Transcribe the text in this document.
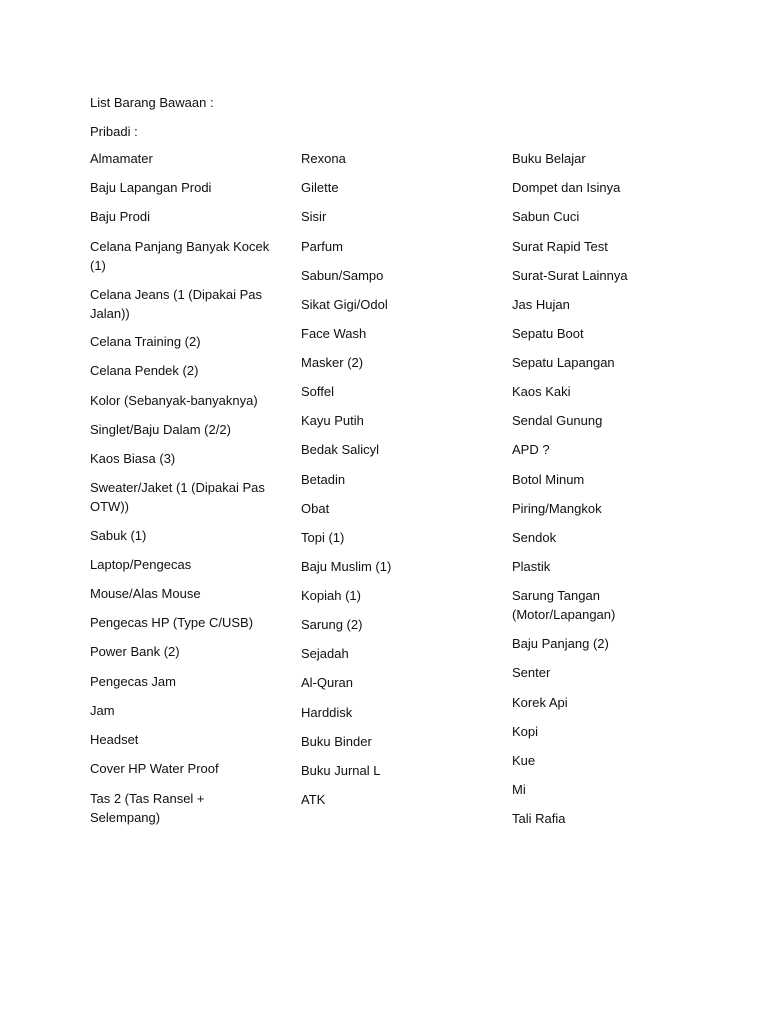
List Barang Bawaan :
Pribadi :
Almamater
Baju Lapangan Prodi
Baju Prodi
Celana Panjang Banyak Kocek (1)
Celana Jeans (1 (Dipakai Pas Jalan))
Celana Training (2)
Celana Pendek (2)
Kolor (Sebanyak-banyaknya)
Singlet/Baju Dalam (2/2)
Kaos Biasa (3)
Sweater/Jaket (1 (Dipakai Pas OTW))
Sabuk (1)
Laptop/Pengecas
Mouse/Alas Mouse
Pengecas HP (Type C/USB)
Power Bank (2)
Pengecas Jam
Jam
Headset
Cover HP Water Proof
Tas 2 (Tas Ransel + Selempang)
Rexona
Gilette
Sisir
Parfum
Sabun/Sampo
Sikat Gigi/Odol
Face Wash
Masker (2)
Soffel
Kayu Putih
Bedak Salicyl
Betadin
Obat
Topi (1)
Baju Muslim (1)
Kopiah (1)
Sarung (2)
Sejadah
Al-Quran
Harddisk
Buku Binder
Buku Jurnal L
ATK
Buku Belajar
Dompet dan Isinya
Sabun Cuci
Surat Rapid Test
Surat-Surat Lainnya
Jas Hujan
Sepatu Boot
Sepatu Lapangan
Kaos Kaki
Sendal Gunung
APD ?
Botol Minum
Piring/Mangkok
Sendok
Plastik
Sarung Tangan (Motor/Lapangan)
Baju Panjang (2)
Senter
Korek Api
Kopi
Kue
Mi
Tali Rafia
